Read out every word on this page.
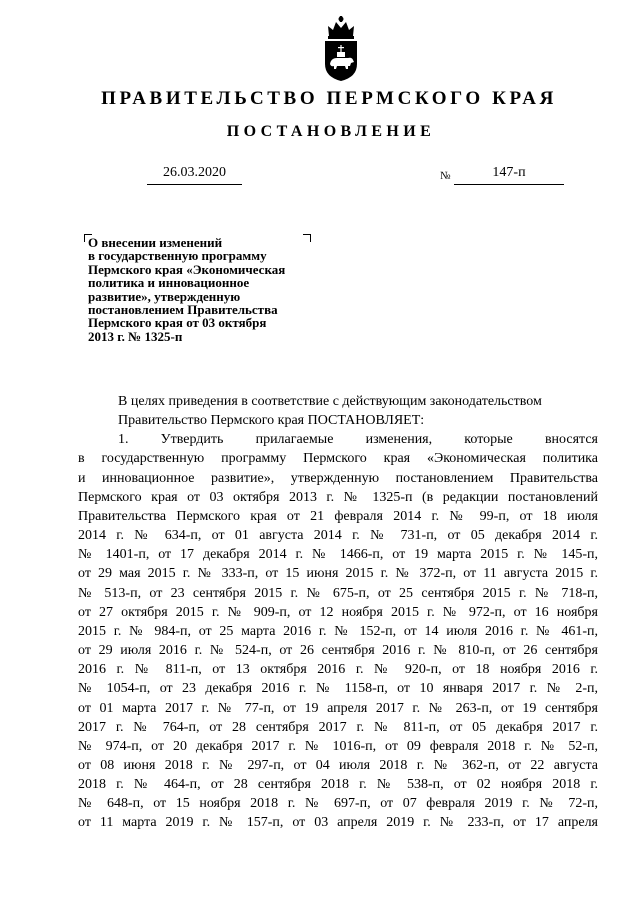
ПРАВИТЕЛЬСТВО ПЕРМСКОГО КРАЯ
ПОСТАНОВЛЕНИЕ
26.03.2020	№	147-п
О внесении изменений
в государственную программу
Пермского края «Экономическая
политика и инновационное
развитие», утвержденную
постановлением Правительства
Пермского края от 03 октября
2013 г. № 1325-п
В целях приведения в соответствие с действующим законодательством
Правительство Пермского края ПОСТАНОВЛЯЕТ:
1. Утвердить прилагаемые изменения, которые вносятся
в государственную программу Пермского края «Экономическая политика
и инновационное развитие», утвержденную постановлением Правительства
Пермского края от 03 октября 2013 г. № 1325-п (в редакции постановлений
Правительства Пермского края от 21 февраля 2014 г. № 99-п, от 18 июля
2014 г. № 634-п, от 01 августа 2014 г. № 731-п, от 05 декабря 2014 г.
№ 1401-п, от 17 декабря 2014 г. № 1466-п, от 19 марта 2015 г. № 145-п,
от 29 мая 2015 г. № 333-п, от 15 июня 2015 г. № 372-п, от 11 августа 2015 г.
№ 513-п, от 23 сентября 2015 г. № 675-п, от 25 сентября 2015 г. № 718-п,
от 27 октября 2015 г. № 909-п, от 12 ноября 2015 г. № 972-п, от 16 ноября
2015 г. № 984-п, от 25 марта 2016 г. № 152-п, от 14 июля 2016 г. № 461-п,
от 29 июля 2016 г. № 524-п, от 26 сентября 2016 г. № 810-п, от 26 сентября
2016 г. № 811-п, от 13 октября 2016 г. № 920-п, от 18 ноября 2016 г.
№ 1054-п, от 23 декабря 2016 г. № 1158-п, от 10 января 2017 г. № 2-п,
от 01 марта 2017 г. № 77-п, от 19 апреля 2017 г. № 263-п, от 19 сентября
2017 г. № 764-п, от 28 сентября 2017 г. № 811-п, от 05 декабря 2017 г.
№ 974-п, от 20 декабря 2017 г. № 1016-п, от 09 февраля 2018 г. № 52-п,
от 08 июня 2018 г. № 297-п, от 04 июля 2018 г. № 362-п, от 22 августа
2018 г. № 464-п, от 28 сентября 2018 г. № 538-п, от 02 ноября 2018 г.
№ 648-п, от 15 ноября 2018 г. № 697-п, от 07 февраля 2019 г. № 72-п,
от 11 марта 2019 г. № 157-п, от 03 апреля 2019 г. № 233-п, от 17 апреля
